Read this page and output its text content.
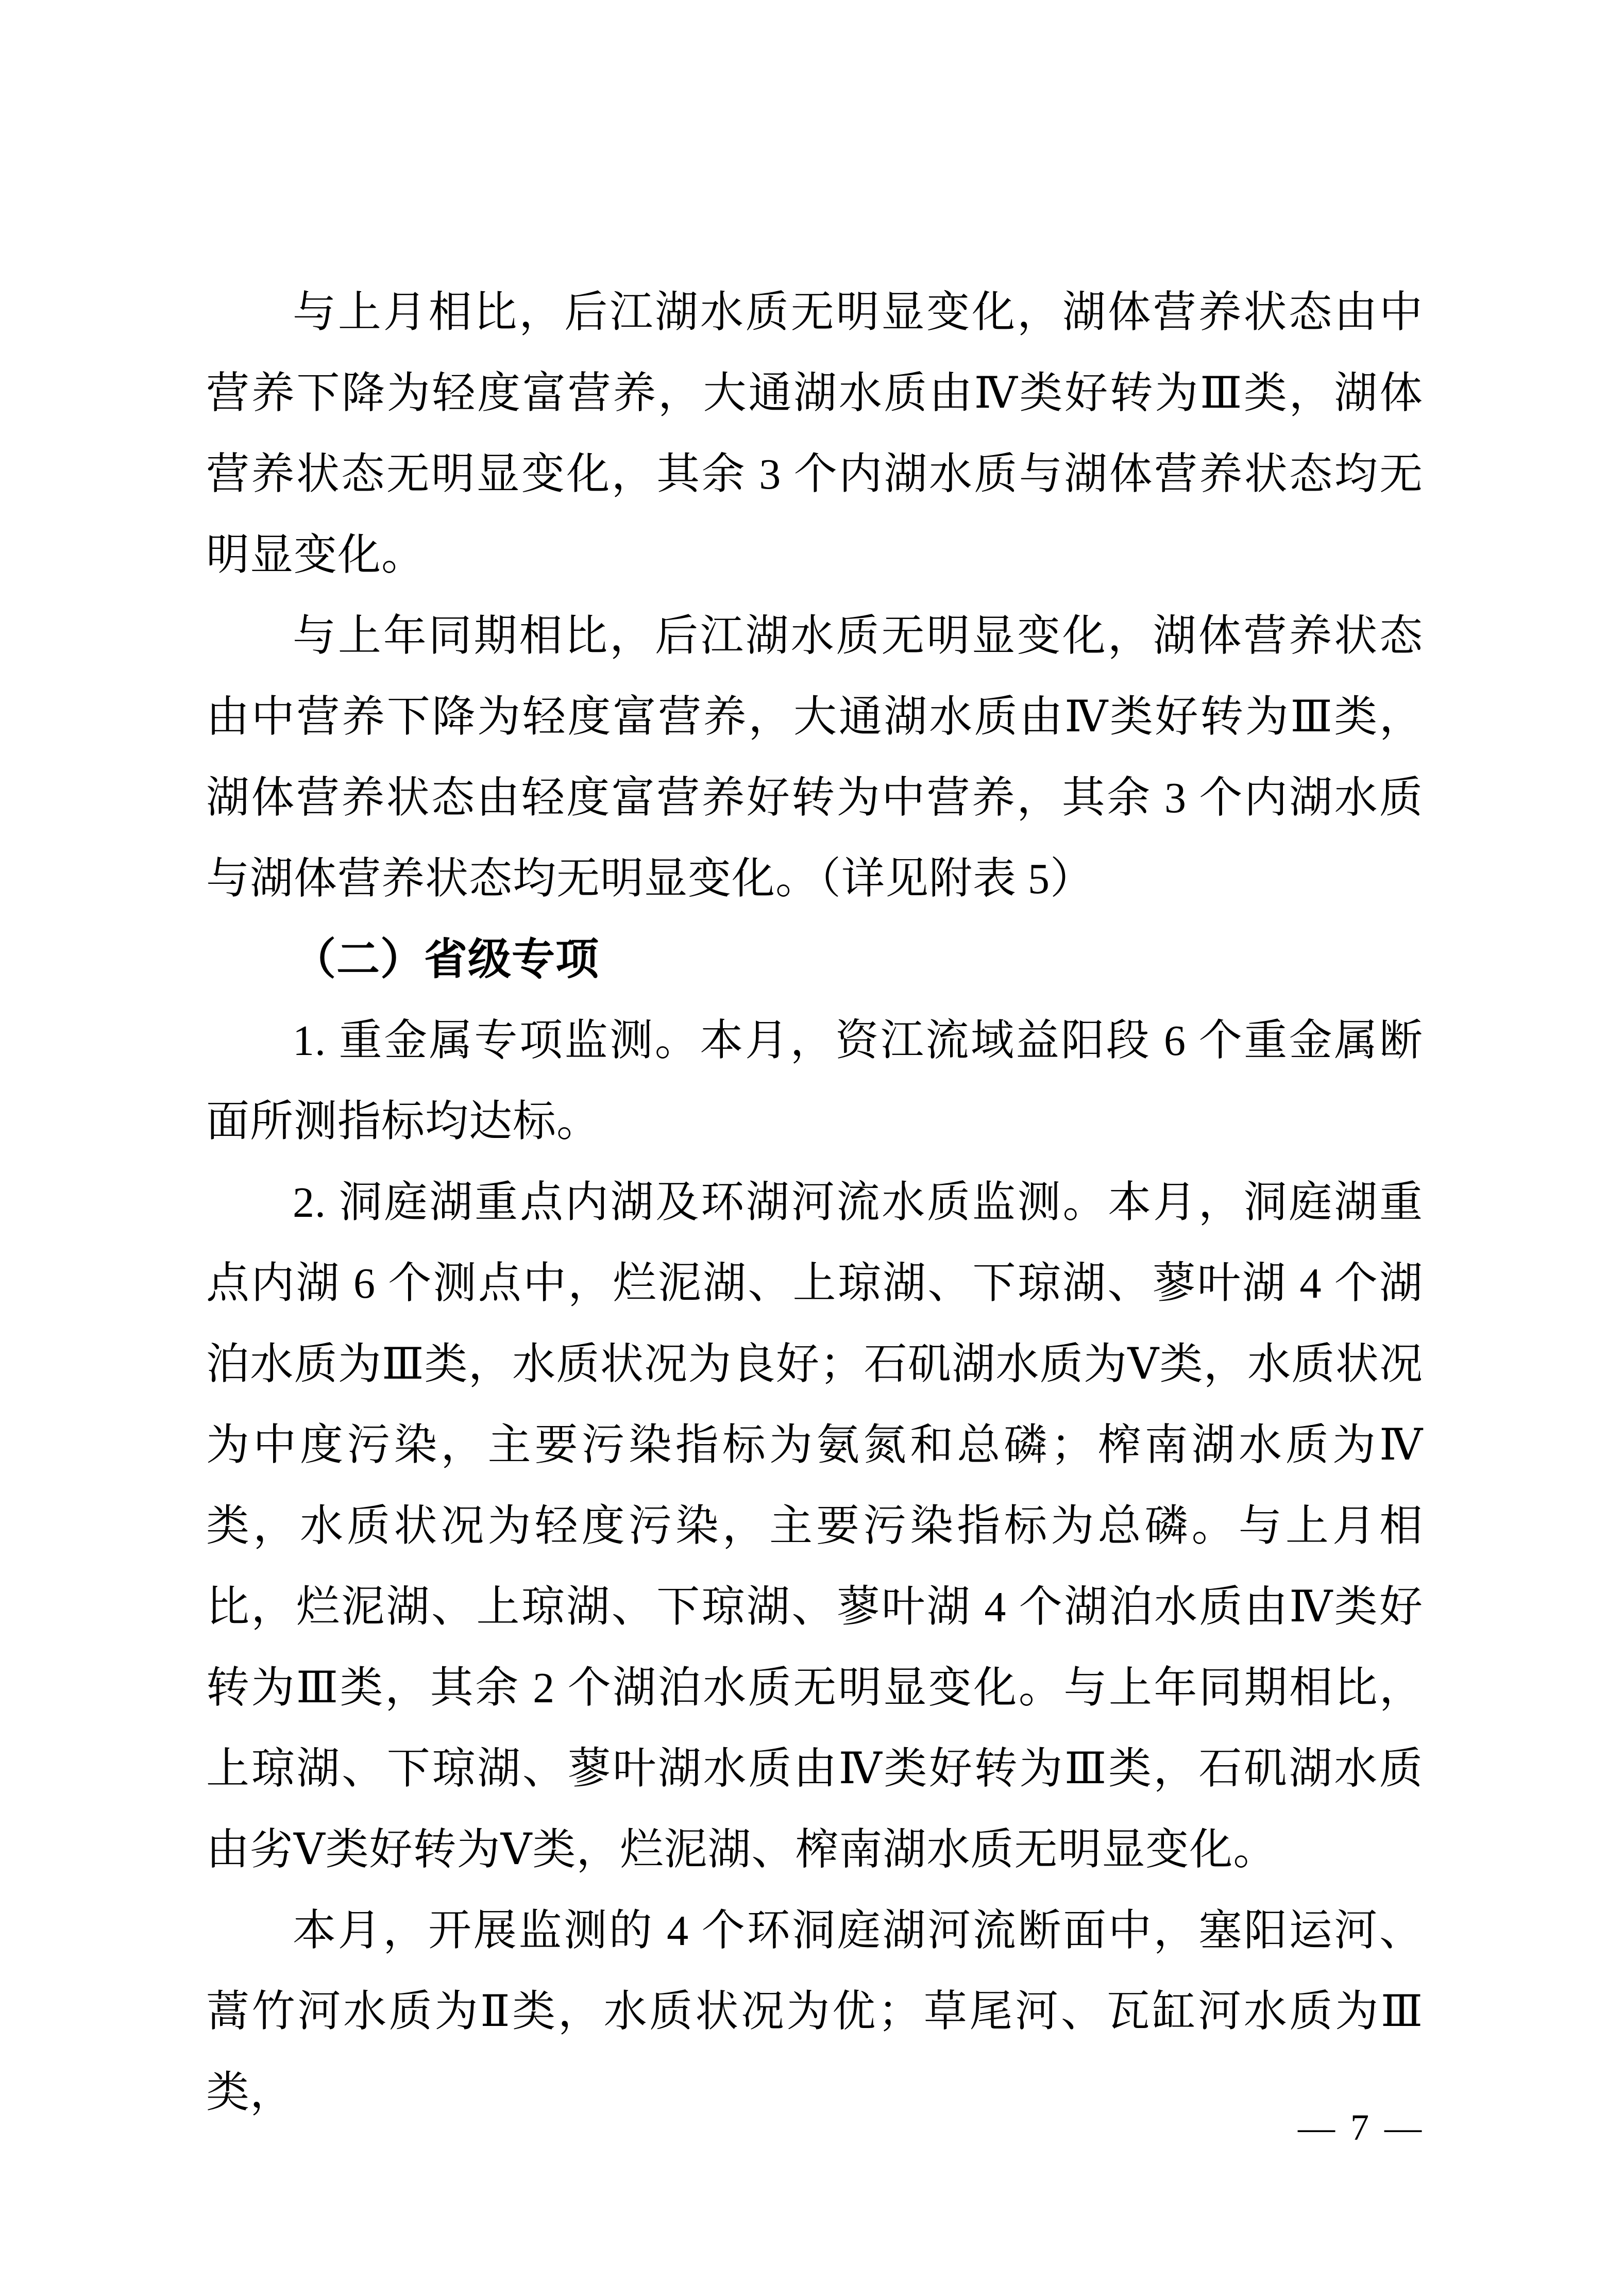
与上月相比，后江湖水质无明显变化，湖体营养状态由中营养下降为轻度富营养，大通湖水质由Ⅳ类好转为Ⅲ类，湖体营养状态无明显变化，其余 3 个内湖水质与湖体营养状态均无明显变化。

与上年同期相比，后江湖水质无明显变化，湖体营养状态由中营养下降为轻度富营养，大通湖水质由Ⅳ类好转为Ⅲ类，湖体营养状态由轻度富营养好转为中营养，其余 3 个内湖水质与湖体营养状态均无明显变化。（详见附表 5）

（二）省级专项

1. 重金属专项监测。本月，资江流域益阳段 6 个重金属断面所测指标均达标。

2. 洞庭湖重点内湖及环湖河流水质监测。本月，洞庭湖重点内湖 6 个测点中，烂泥湖、上琼湖、下琼湖、蓼叶湖 4 个湖泊水质为Ⅲ类，水质状况为良好；石矶湖水质为Ⅴ类，水质状况为中度污染，主要污染指标为氨氮和总磷；榨南湖水质为Ⅳ类，水质状况为轻度污染，主要污染指标为总磷。与上月相比，烂泥湖、上琼湖、下琼湖、蓼叶湖 4 个湖泊水质由Ⅳ类好转为Ⅲ类，其余 2 个湖泊水质无明显变化。与上年同期相比，上琼湖、下琼湖、蓼叶湖水质由Ⅳ类好转为Ⅲ类，石矶湖水质由劣Ⅴ类好转为Ⅴ类，烂泥湖、榨南湖水质无明显变化。

本月，开展监测的 4 个环洞庭湖河流断面中，塞阳运河、蒿竹河水质为Ⅱ类，水质状况为优；草尾河、瓦缸河水质为Ⅲ类，

— 7 —
